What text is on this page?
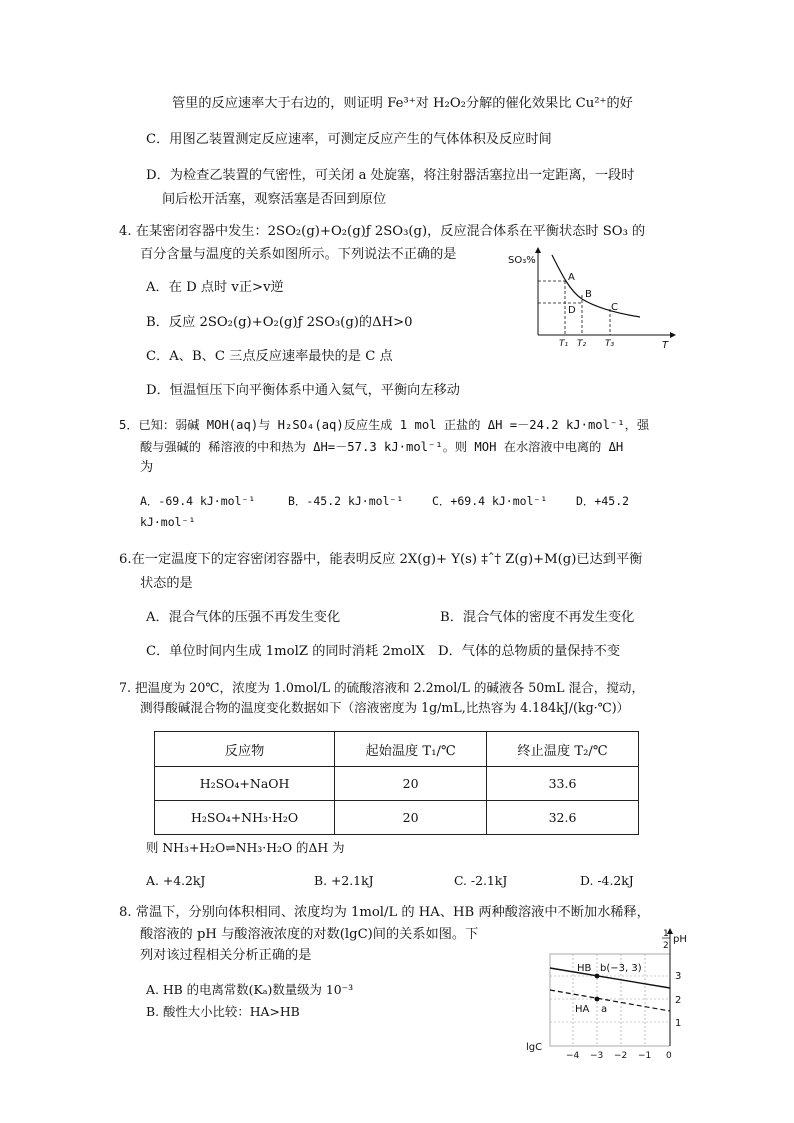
管里的反应速率大于右边的，则证明 Fe³⁺对 H₂O₂分解的催化效果比 Cu²⁺的好
C．用图乙装置测定反应速率，可测定反应产生的气体体积及反应时间
D．为检查乙装置的气密性，可关闭 a 处旋塞，将注射器活塞拉出一定距离，一段时
间后松开活塞，观察活塞是否回到原位
4. 在某密闭容器中发生：2SO₂(g)+O₂(g)ƒ 2SO₃(g)，反应混合体系在平衡状态时 SO₃ 的
百分含量与温度的关系如图所示。下列说法不正确的是
A．在 D 点时 v正>v逆
B．反应 2SO₂(g)+O₂(g)ƒ 2SO₃(g)的ΔH>0
C．A、B、C 三点反应速率最快的是 C 点
D．恒温恒压下向平衡体系中通入氦气，平衡向左移动
SO₃%
A
B
C
D
T₁ T₂ T₃	T
5．已知：弱碱 MOH(aq)与 H₂SO₄(aq)反应生成 1 mol 正盐的 ΔH =－24.2 kJ·mol⁻¹，强
酸与强碱的 稀溶液的中和热为 ΔH=－57.3 kJ·mol⁻¹。则 MOH 在水溶液中电离的 ΔH
为
A．-69.4 kJ·mol⁻¹	B．-45.2 kJ·mol⁻¹ C．+69.4 kJ·mol⁻¹ D．+45.2
kJ·mol⁻¹
6.在一定温度下的定容密闭容器中，能表明反应 2X(g)+ Y(s) ‡ˆ† Z(g)+M(g)已达到平衡
状态的是
A．混合气体的压强不再发生变化	B．混合气体的密度不再发生变化
C．单位时间内生成 1molZ 的同时消耗 2molX D．气体的总物质的量保持不变
7. 把温度为 20℃，浓度为 1.0mol/L 的硫酸溶液和 2.2mol/L 的碱液各 50mL 混合，搅动，
测得酸碱混合物的温度变化数据如下（溶液密度为 1g/mL,比热容为 4.184kJ/(kg·℃)）
反应物	起始温度 T₁/℃	终止温度 T₂/℃
H₂SO₄+NaOH	20	33.6
H₂SO₄+NH₃·H₂O	20	32.6
则 NH₃+H₂O⇌NH₃·H₂O 的ΔH 为
A. +4.2kJ	B. +2.1kJ	C. -2.1kJ	D. -4.2kJ
8. 常温下，分别向体积相同、浓度均为 1mol/L 的 HA、HB 两种酸溶液中不断加水稀释，
酸溶液的 pH 与酸溶液浓度的对数(lgC)间的关系如图。下
列对该过程相关分析正确的是
A. HB 的电离常数(Kₐ)数量级为 10⁻³
B. 酸性大小比较：HA>HB
HB b(−3, 3)
HA a
3
2
1
1
2
pH
lgC
−4 −3 −2 −1 0
